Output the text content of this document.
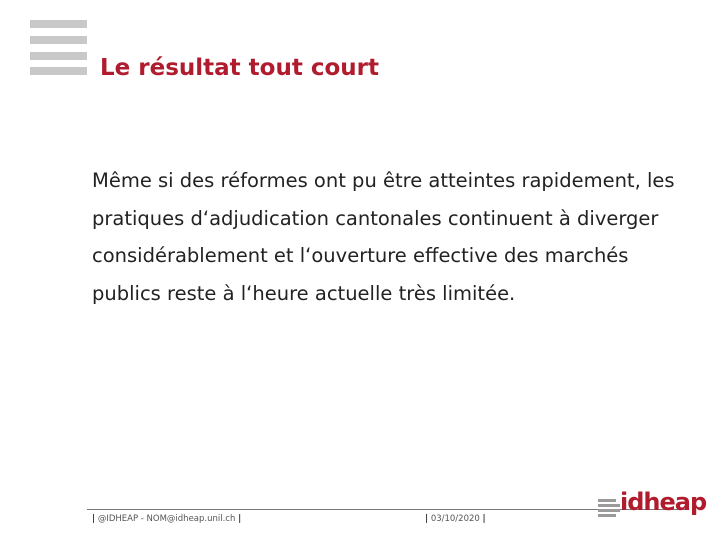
Le résultat tout court

Même si des réformes ont pu être atteintes rapidement, les pratiques d‘adjudication cantonales continuent à diverger considérablement et l‘ouverture effective des marchés publics reste à l‘heure actuelle très limitée.

| @IDHEAP - NOM@idheap.unil.ch |	| 03/10/2020 |
idheap
